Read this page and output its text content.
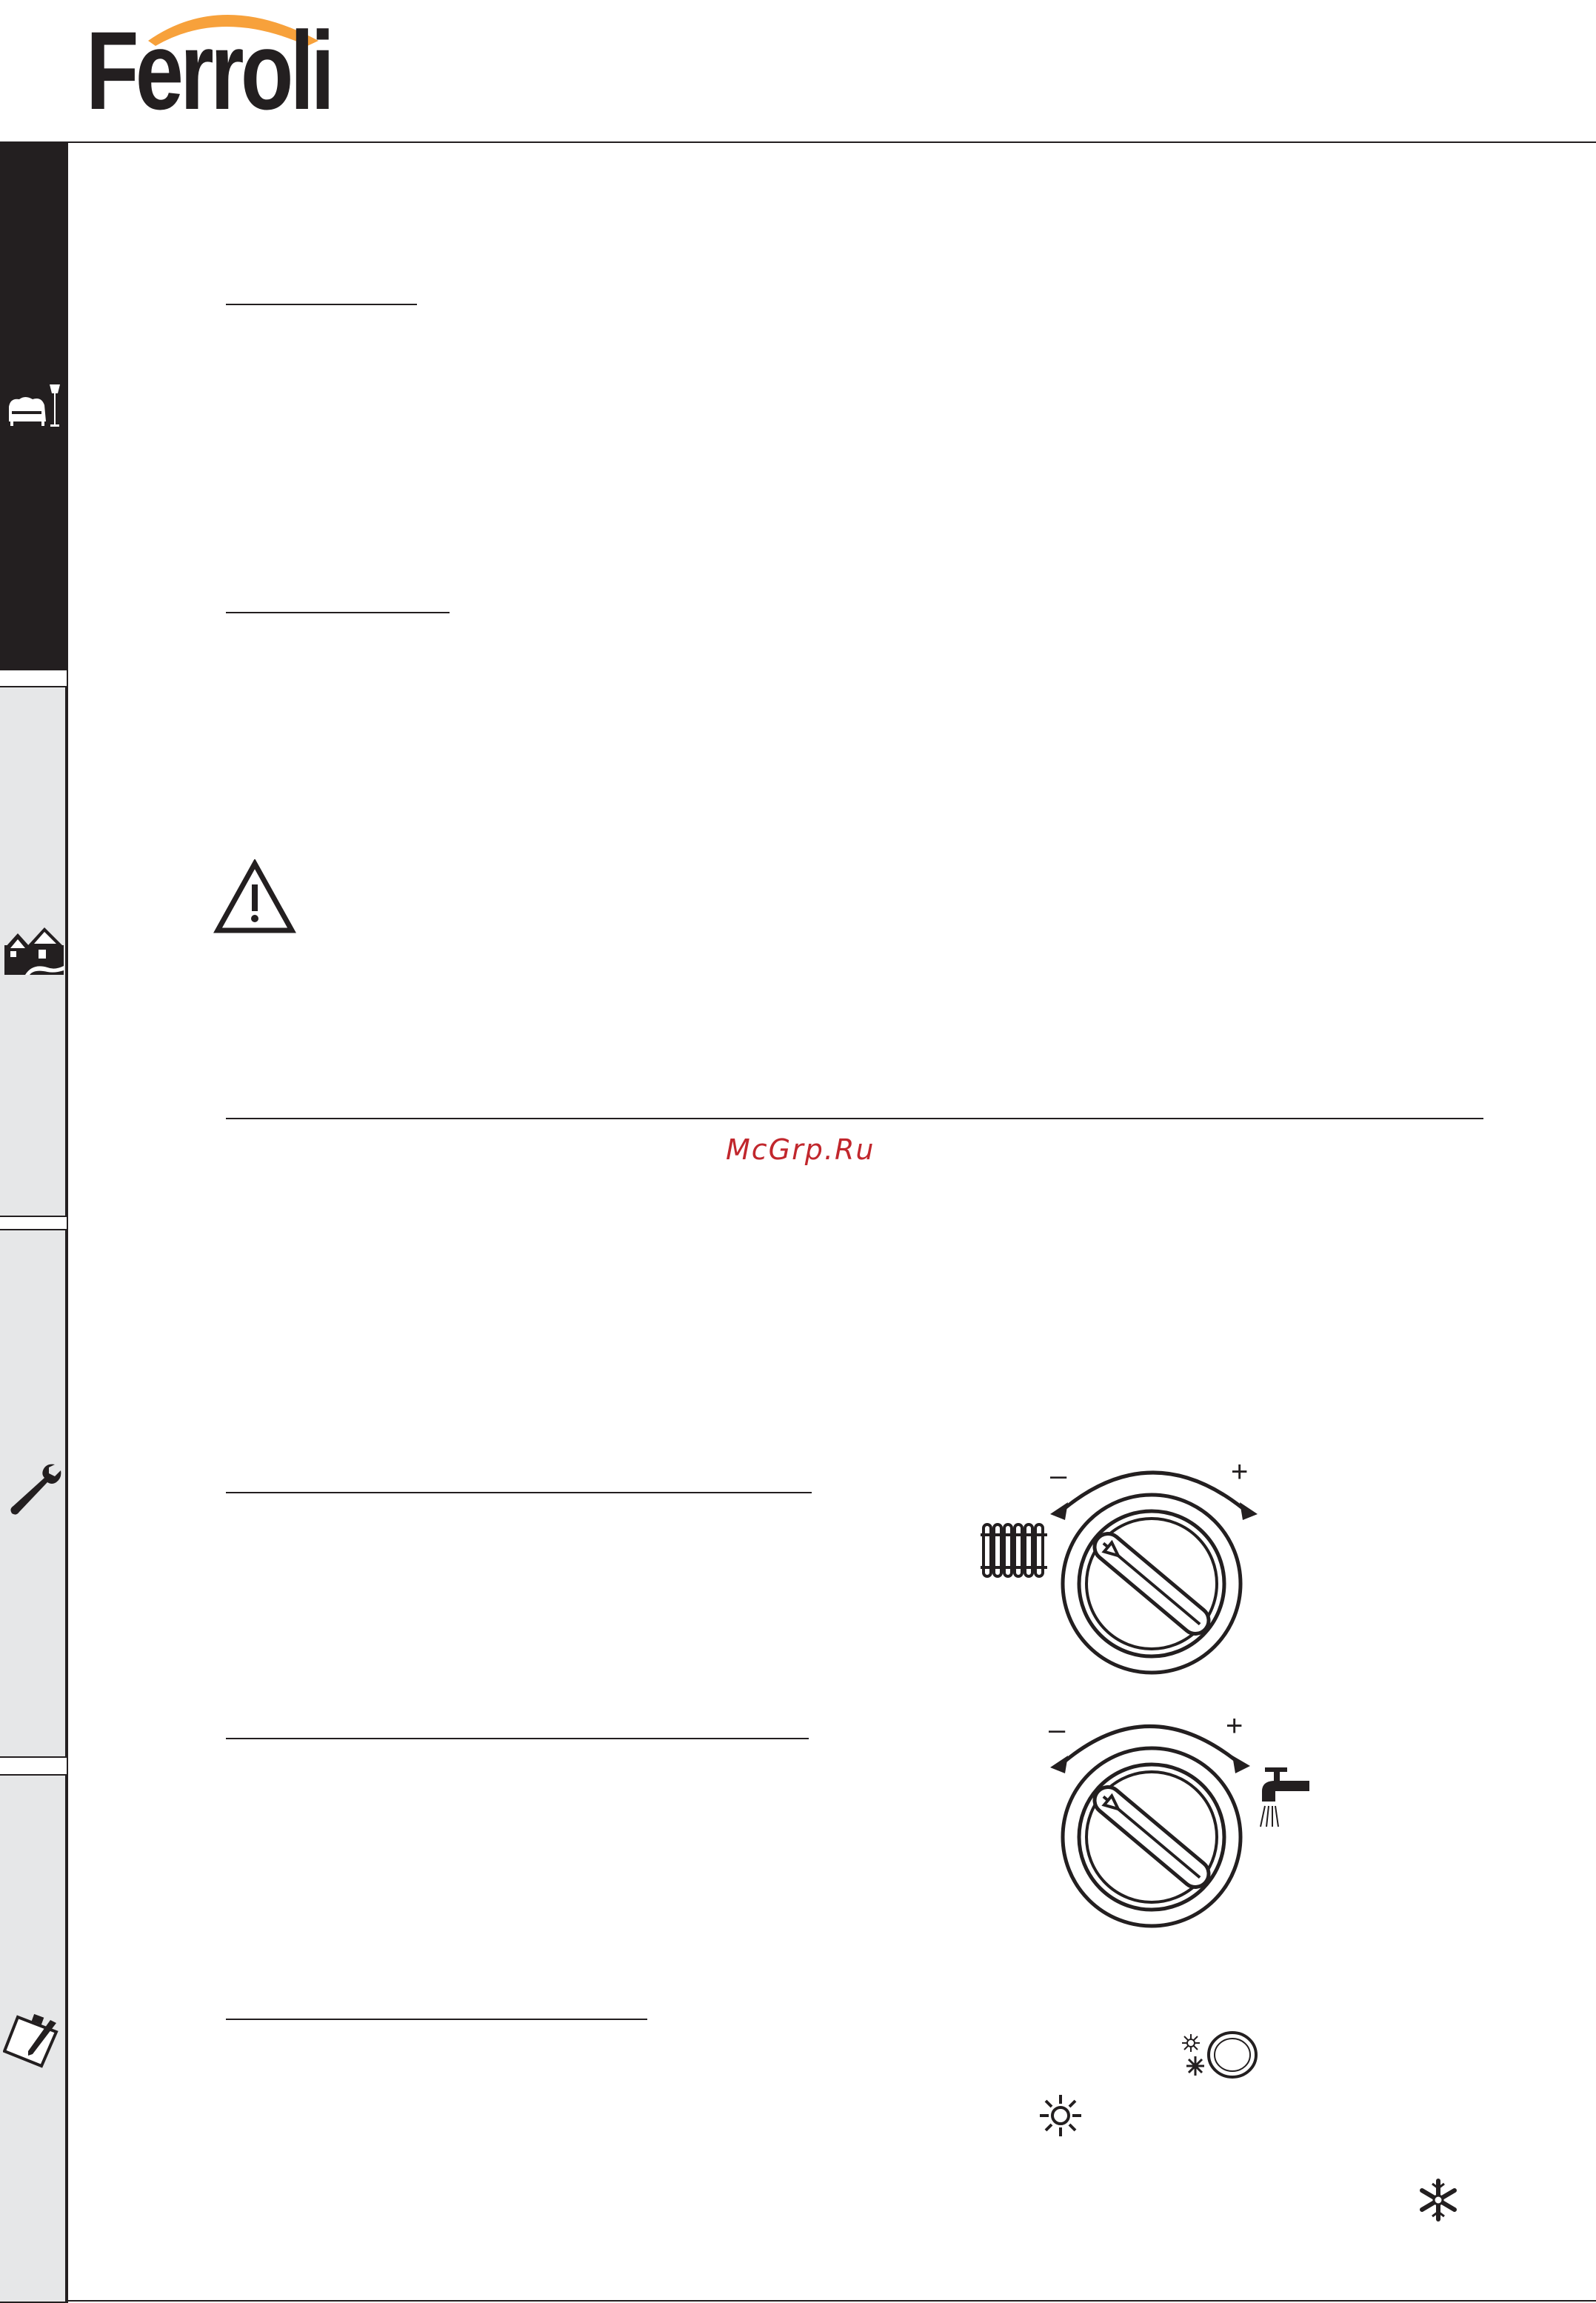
Ferroli
McGrp.Ru
–	+
–	+
